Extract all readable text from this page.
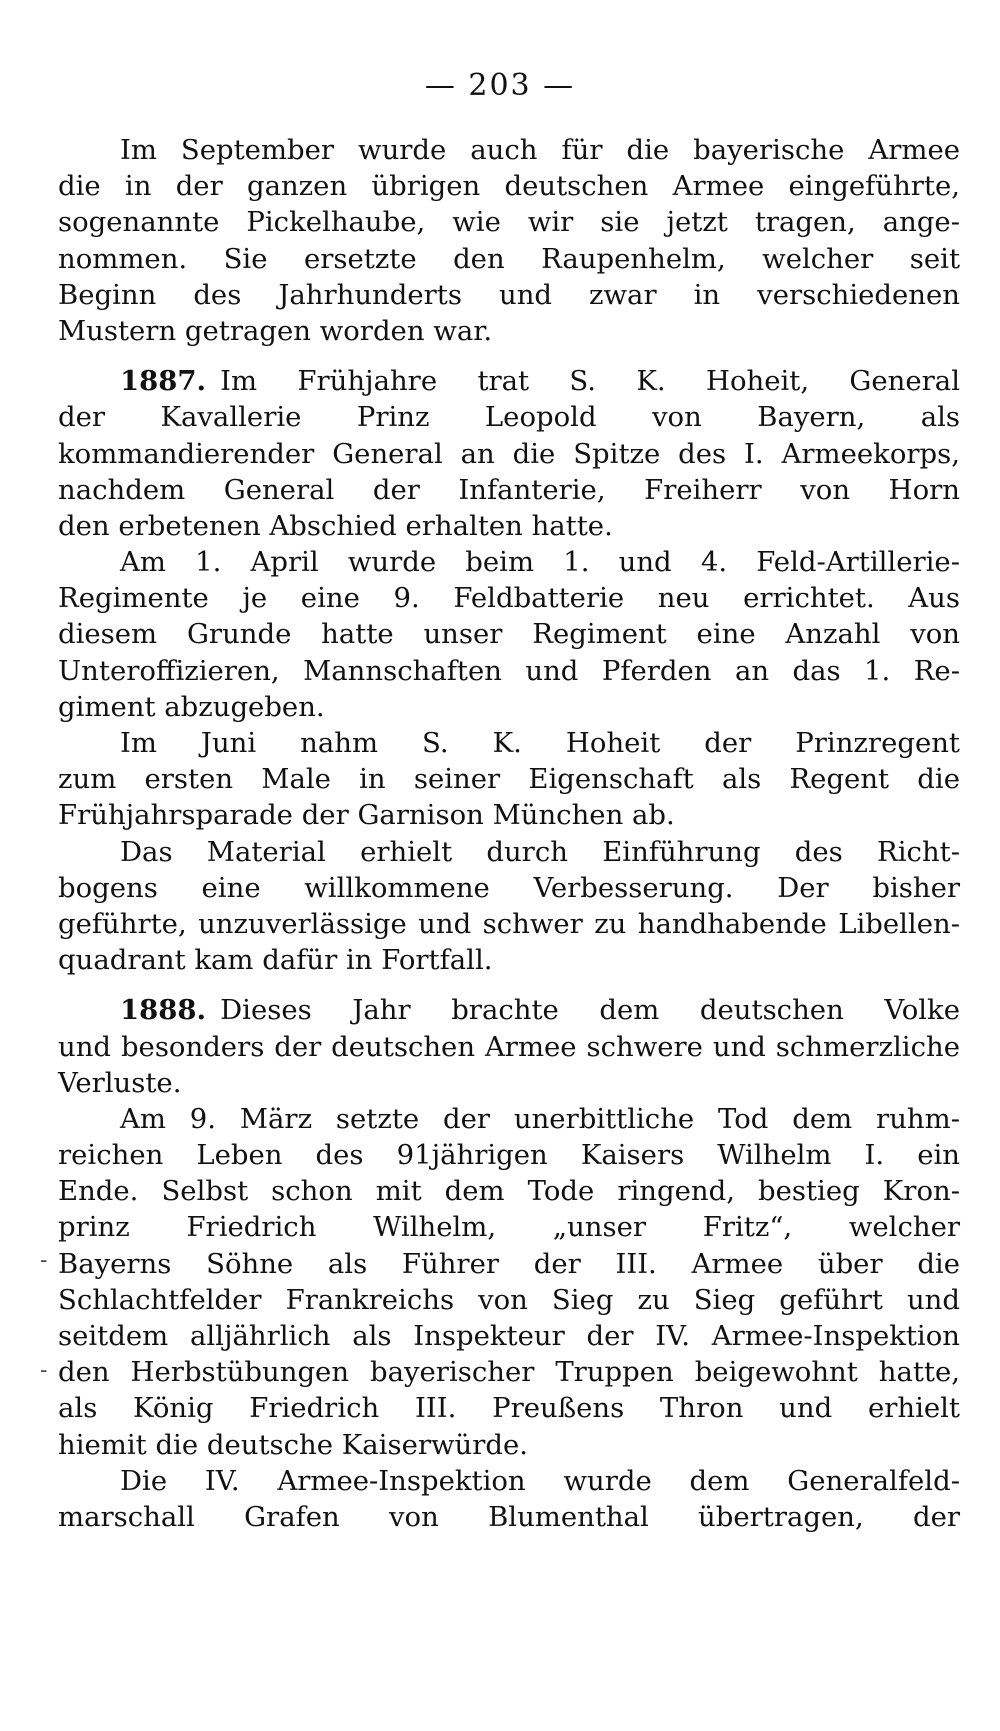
— 203 —

Im September wurde auch für die bayerische Armee
die in der ganzen übrigen deutschen Armee eingeführte,
sogenannte Pickelhaube, wie wir sie jetzt tragen, ange-
nommen. Sie ersetzte den Raupenhelm, welcher seit
Beginn des Jahrhunderts und zwar in verschiedenen
Mustern getragen worden war.

1887. Im Frühjahre trat S. K. Hoheit, General
der Kavallerie Prinz Leopold von Bayern, als
kommandierender General an die Spitze des I. Armeekorps,
nachdem General der Infanterie, Freiherr von Horn
den erbetenen Abschied erhalten hatte.

Am 1. April wurde beim 1. und 4. Feld-Artillerie-
Regimente je eine 9. Feldbatterie neu errichtet. Aus
diesem Grunde hatte unser Regiment eine Anzahl von
Unteroffizieren, Mannschaften und Pferden an das 1. Re-
giment abzugeben.

Im Juni nahm S. K. Hoheit der Prinzregent
zum ersten Male in seiner Eigenschaft als Regent die
Frühjahrsparade der Garnison München ab.

Das Material erhielt durch Einführung des Richt-
bogens eine willkommene Verbesserung. Der bisher
geführte, unzuverlässige und schwer zu handhabende Libellen-
quadrant kam dafür in Fortfall.

1888. Dieses Jahr brachte dem deutschen Volke
und besonders der deutschen Armee schwere und schmerzliche
Verluste.

Am 9. März setzte der unerbittliche Tod dem ruhm-
reichen Leben des 91jährigen Kaisers Wilhelm I. ein
Ende. Selbst schon mit dem Tode ringend, bestieg Kron-
prinz Friedrich Wilhelm, „unser Fritz“, welcher
Bayerns Söhne als Führer der III. Armee über die
Schlachtfelder Frankreichs von Sieg zu Sieg geführt und
seitdem alljährlich als Inspekteur der IV. Armee-Inspektion
den Herbstübungen bayerischer Truppen beigewohnt hatte,
als König Friedrich III. Preußens Thron und erhielt
hiemit die deutsche Kaiserwürde.

Die IV. Armee-Inspektion wurde dem Generalfeld-
marschall Grafen von Blumenthal übertragen, der

-
-
